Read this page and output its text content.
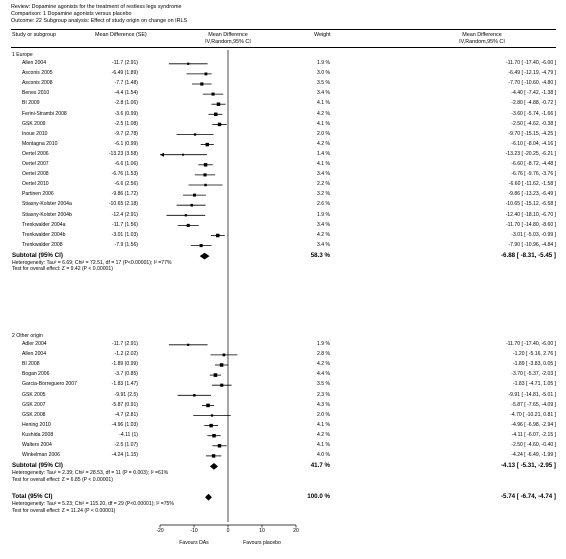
Review: Dopamine agonists for the treatment of restless legs syndrome
Comparison: 1 Dopamine agonists versus placebo
Outcome: 22 Subgroup analysis: Effect of study origin on change on IRLS
Study or subgroup	Mean Difference (SE)	Mean Difference
IV,Random,95% CI
Weight	Mean Difference
IV,Random,95% CI
1 Europe
Allen 2004	-11.7 (2.91)	1.9 %	-11.70 [ -17.40, -6.00 ]
Asconis 2005	-6.49 (1.89)	3.0 %	-6.49 [ -12.19, -4.79 ]
Asconis 2008	-7.7 (1.48)	3.5 %	-7.70 [ -10.60, -4.80 ]
Benes 2010	-4.4 (1.54)	3.4 %	-4.40 [ -7.42, -1.38 ]
BI 2009	-2.8 (1.06)	4.1 %	-2.80 [ -4.88, -0.72 ]
Ferini-Strambi 2008	-3.6 (0.99)	4.2 %	-3.60 [ -5.74, -1.66 ]
GSK 2009	-2.5 (1.08)	4.1 %	-2.50 [ -4.62, -0.38 ]
Inoue 2010	-9.7 (2.78)	2.0 %	-9.70 [ -15.15, -4.25 ]
Montagna 2010	-6.1 (0.99)	4.2 %	-6.10 [ -8.04, -4.16 ]
Oertel 2006	-13.23 (3.58)	1.4 %	-13.23 [ -20.25, -6.21 ]
Oertel 2007	-6.6 (1.06)	4.1 %	-6.60 [ -8.72, -4.48 ]
Oertel 2008	-6.76 (1.53)	3.4 %	-6.76 [ -9.76, -3.76 ]
Oertel 2010	-6.6 (2.56)	2.2 %	-6.60 [ -11.62, -1.58 ]
Partinen 2006	-9.86 (1.72)	3.2 %	-9.86 [ -13.23, -6.49 ]
Stiasny-Kolster 2004a	-10.65 (2.18)	2.6 %	-10.65 [ -15.12, -6.58 ]
Stiasny-Kolster 2004b	-12.4 (2.91)	1.9 %	-12.40 [ -18.10, -6.70 ]
Trenkwalder 2004a	-11.7 (1.56)	3.4 %	-11.70 [ -14.80, -8.60 ]
Trenkwalder 2004b	-3.01 (1.03)	4.2 %	-3.01 [ -5.03, -0.99 ]
Trenkwalder 2008	-7.9 (1.56)	3.4 %	-7.90 [ -10.96, -4.84 ]
Subtotal (95% CI)	58.3 %	-6.88 [ -8.31, -5.45 ]
Heterogeneity: Tau² = 6.69; Chi² = 72.51, df = 17 (P<0.00001); I² =77%
Test for overall effect: Z = 9.42 (P < 0.00001)
2 Other origin
Adler 2004	-11.7 (2.91)	1.9 %	-11.70 [ -17.40, -6.00 ]
Allen 2004	-1.2 (2.02)	2.8 %	-1.20 [ -5.16, 2.76 ]
BI 2008	-1.89 (0.99)	4.2 %	-1.89 [ -3.83, 0.05 ]
Bogan 2006	-3.7 (0.85)	4.4 %	-3.70 [ -5.37, -2.03 ]
Garcia-Borreguero 2007	-1.83 (1.47)	3.5 %	-1.83 [ -4.71, 1.05 ]
GSK 2005	-9.91 (2.5)	2.3 %	-9.91 [ -14.81, -5.01 ]
GSK 2007	-5.87 (0.91)	4.3 %	-5.87 [ -7.65, -4.09 ]
GSK 2008	-4.7 (2.81)	2.0 %	-4.70 [ -10.21, 0.81 ]
Hening 2010	-4.96 (1.03)	4.1 %	-4.96 [ -6.98, -2.94 ]
Kushida 2008	-4.11 (1)	4.2 %	-4.11 [ -6.07, -2.15 ]
Walters 2004	-2.5 (1.07)	4.1 %	-2.50 [ -4.60, -0.40 ]
Winkelman 2006	-4.24 (1.15)	4.0 %	-4.24 [ -6.49, -1.99 ]
Subtotal (95% CI)	41.7 %	-4.13 [ -5.31, -2.95 ]
Heterogeneity: Tau² = 2.39; Chi² = 28.53, df = 11 (P = 0.003); I² =61%
Test for overall effect: Z = 6.85 (P < 0.00001)
Total (95% CI)	100.0 %	-5.74 [ -6.74, -4.74 ]
Heterogeneity: Tau² = 5.23; Chi² = 115.20, df = 29 (P<0.00001); I² =75%
Test for overall effect: Z = 11.24 (P < 0.00001)
-20	-10	0	10	20
Favours DAs	Favours placebo
